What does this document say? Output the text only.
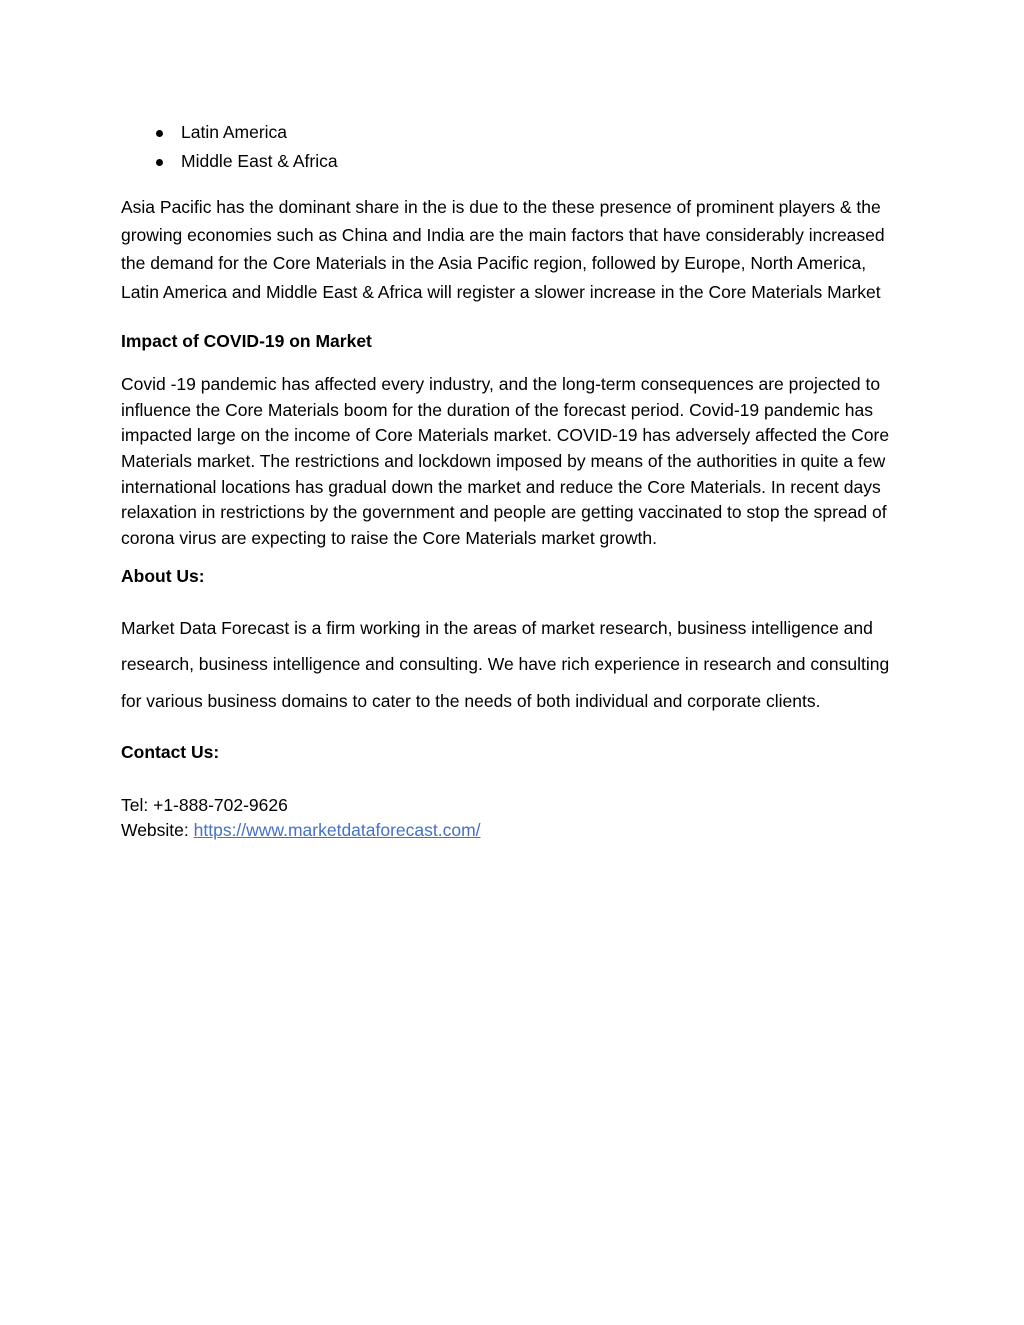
Latin America
Middle East & Africa

Asia Pacific has the dominant share in the is due to the these presence of prominent players & the growing economies such as China and India are the main factors that have considerably increased the demand for the Core Materials in the Asia Pacific region, followed by Europe, North America, Latin America and Middle East & Africa will register a slower increase in the Core Materials Market

Impact of COVID-19 on Market

Covid -19 pandemic has affected every industry, and the long-term consequences are projected to influence the Core Materials boom for the duration of the forecast period. Covid-19 pandemic has impacted large on the income of Core Materials market. COVID-19 has adversely affected the Core Materials market. The restrictions and lockdown imposed by means of the authorities in quite a few international locations has gradual down the market and reduce the Core Materials. In recent days relaxation in restrictions by the government and people are getting vaccinated to stop the spread of corona virus are expecting to raise the Core Materials market growth.

About Us:

Market Data Forecast is a firm working in the areas of market research, business intelligence and research, business intelligence and consulting. We have rich experience in research and consulting for various business domains to cater to the needs of both individual and corporate clients.

Contact Us:
Tel: +1-888-702-9626
Website: https://www.marketdataforecast.com/
